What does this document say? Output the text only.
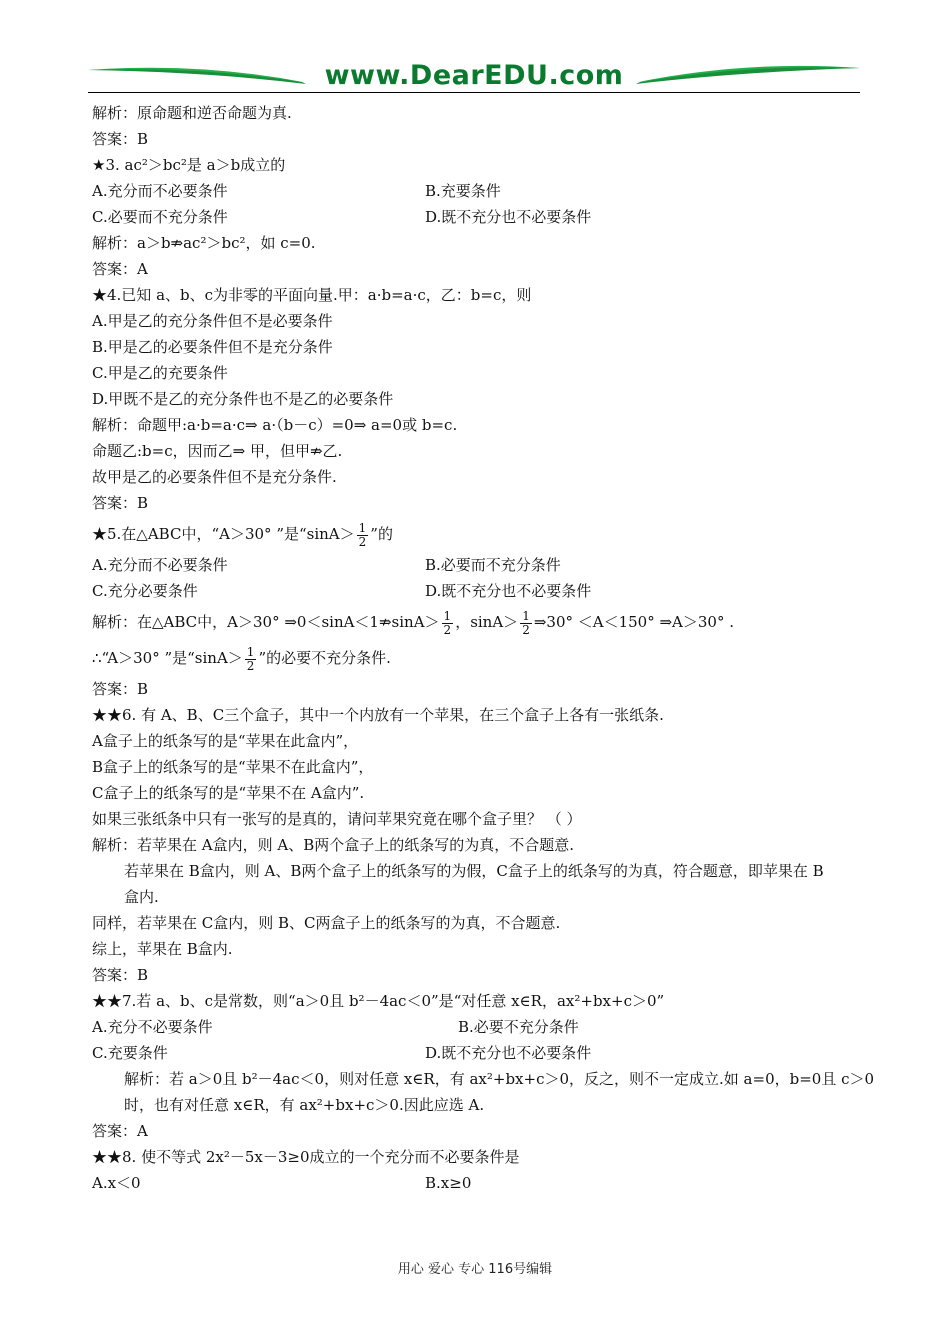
www.DearEDU.com
解析：原命题和逆否命题为真.
答案：B
★3. ac²＞bc²是 a＞b成立的
A.充分而不必要条件	B.充要条件
C.必要而不充分条件	D.既不充分也不必要条件
解析：a＞b⇏ac²＞bc²，如 c=0.
答案：A
★4.已知 a、b、c为非零的平面向量.甲：a·b=a·c，乙：b=c，则
A.甲是乙的充分条件但不是必要条件
B.甲是乙的必要条件但不是充分条件
C.甲是乙的充要条件
D.甲既不是乙的充分条件也不是乙的必要条件
解析：命题甲:a·b=a·c⇒ a·（b－c）=0⇒ a=0或 b=c.
命题乙:b=c，因而乙⇒ 甲，但甲⇏乙.
故甲是乙的必要条件但不是充分条件.
答案：B
★5.在△ABC中，“A＞30° ”是“$\sin A> \frac{1}{2}$ ”的
A.充分而不必要条件	B.必要而不充分条件
C.充分必要条件	D.既不充分也不必要条件
解析：在△ABC中，A＞30° ⇒0＜sinA＜1⇏sinA＞ $\frac{1}{2}$ ，$\sin A> \frac{1}{2}$ ⇒30° ＜A＜150° ⇒A＞30° .
∴“A＞30° ”是“$\sin A> \frac{1}{2}$ ”的必要不充分条件.
答案：B
★★6. 有 A、B、C三个盒子，其中一个内放有一个苹果，在三个盒子上各有一张纸条.
A盒子上的纸条写的是“苹果在此盒内”，
B盒子上的纸条写的是“苹果不在此盒内”，
C盒子上的纸条写的是“苹果不在 A盒内”.
如果三张纸条中只有一张写的是真的，请问苹果究竟在哪个盒子里？ （ ）
解析：若苹果在 A盒内，则 A、B两个盒子上的纸条写的为真，不合题意.
若苹果在 B盒内，则 A、B两个盒子上的纸条写的为假，C盒子上的纸条写的为真，符合题意，即苹果在 B
盒内.
同样，若苹果在 C盒内，则 B、C两盒子上的纸条写的为真，不合题意.
综上，苹果在 B盒内.
答案：B
★★7.若 a、b、c是常数，则“a＞0且 b²－4ac＜0”是“对任意 x∈R，ax²+bx+c＞0”
A.充分不必要条件	B.必要不充分条件
C.充要条件	D.既不充分也不必要条件
解析：若 a＞0且 b²－4ac＜0，则对任意 x∈R，有 ax²+bx+c＞0，反之，则不一定成立.如 a=0，b=0且 c＞0
时，也有对任意 x∈R，有 ax²+bx+c＞0.因此应选 A.
答案：A
★★8. 使不等式 2x²－5x－3≥0成立的一个充分而不必要条件是
A.x＜0	B.x≥0
用心 爱心 专心 116号编辑
